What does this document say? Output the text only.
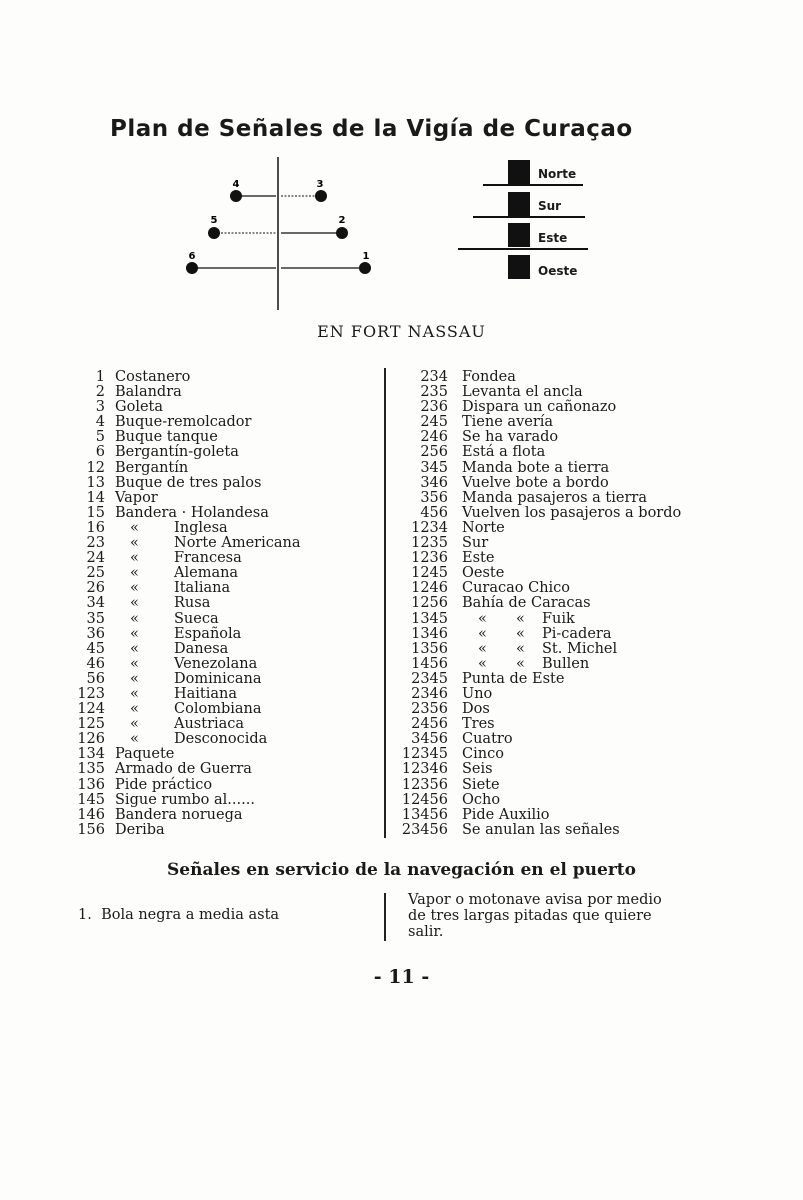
Plan de Señales de la Vigía de Curaçao
4	3
5	2
6	1
Norte
Sur
Este
Oeste
EN FORT NASSAU
1 Costanero
2 Balandra
3 Goleta
4 Buque-remolcador
5 Buque tanque
6 Bergantín-goleta
12 Bergantín
13 Buque de tres palos
14 Vapor
15 Bandera · Holandesa
16 « Inglesa
23 « Norte Americana
24 « Francesa
25 « Alemana
26 « Italiana
34 « Rusa
35 « Sueca
36 « Española
45 « Danesa
46 « Venezolana
56 « Dominicana
123 « Haitiana
124 « Colombiana
125 « Austriaca
126 « Desconocida
134 Paquete
135 Armado de Guerra
136 Pide práctico
145 Sigue rumbo al......
146 Bandera noruega
156 Deriba
234 Fondea
235 Levanta el ancla
236 Dispara un cañonazo
245 Tiene avería
246 Se ha varado
256 Está a flota
345 Manda bote a tierra
346 Vuelve bote a bordo
356 Manda pasajeros a tierra
456 Vuelven los pasajeros a bordo
1234 Norte
1235 Sur
1236 Este
1245 Oeste
1246 Curacao Chico
1256 Bahía de Caracas
1345 « « Fuik
1346 « « Pi-cadera
1356 « « St. Michel
1456 « « Bullen
2345 Punta de Este
2346 Uno
2356 Dos
2456 Tres
3456 Cuatro
12345 Cinco
12346 Seis
12356 Siete
12456 Ocho
13456 Pide Auxilio
23456 Se anulan las señales
Señales en servicio de la navegación en el puerto
1. Bola negra a media asta
Vapor o motonave avisa por medio
de tres largas pitadas que quiere
salir.
- 11 -
